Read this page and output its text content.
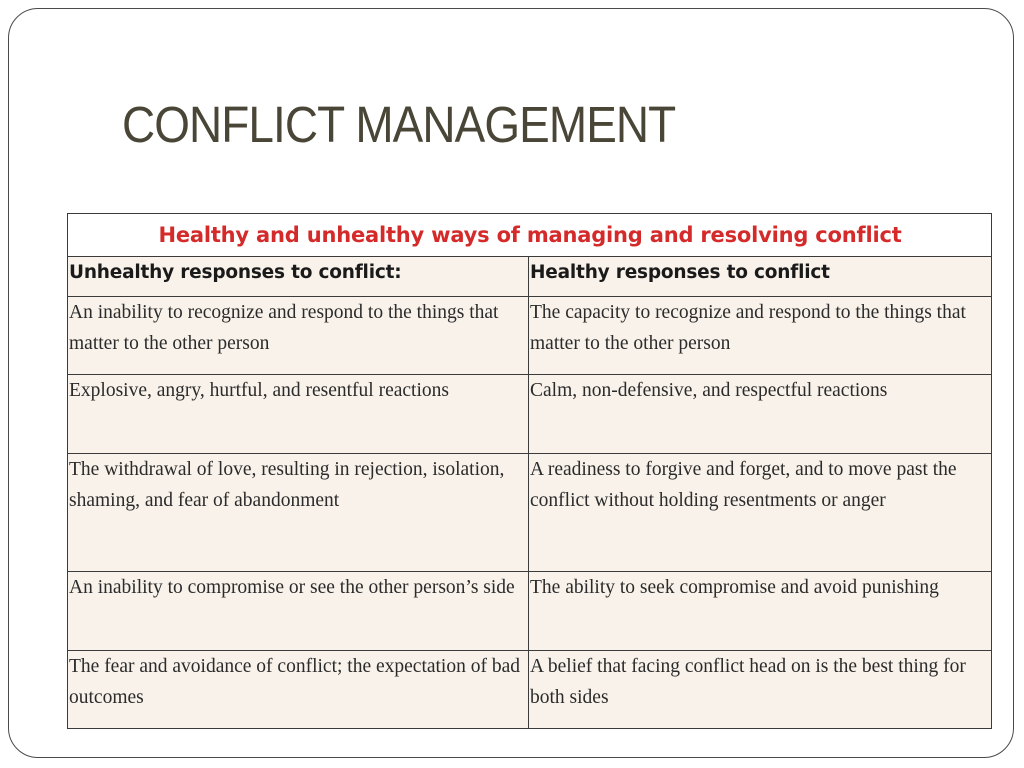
CONFLICT MANAGEMENT
Healthy and unhealthy ways of managing and resolving conflict	
Unhealthy responses to conflict:	Healthy responses to conflict
An inability to recognize and respond to the things that matter to the other person	The capacity to recognize and respond to the things that matter to the other person
Explosive, angry, hurtful, and resentful reactions	Calm, non-defensive, and respectful reactions
The withdrawal of love, resulting in rejection, isolation, shaming, and fear of abandonment	A readiness to forgive and forget, and to move past the conflict without holding resentments or anger
An inability to compromise or see the other person’s side	The ability to seek compromise and avoid punishing
The fear and avoidance of conflict; the expectation of bad outcomes	A belief that facing conflict head on is the best thing for both sides
